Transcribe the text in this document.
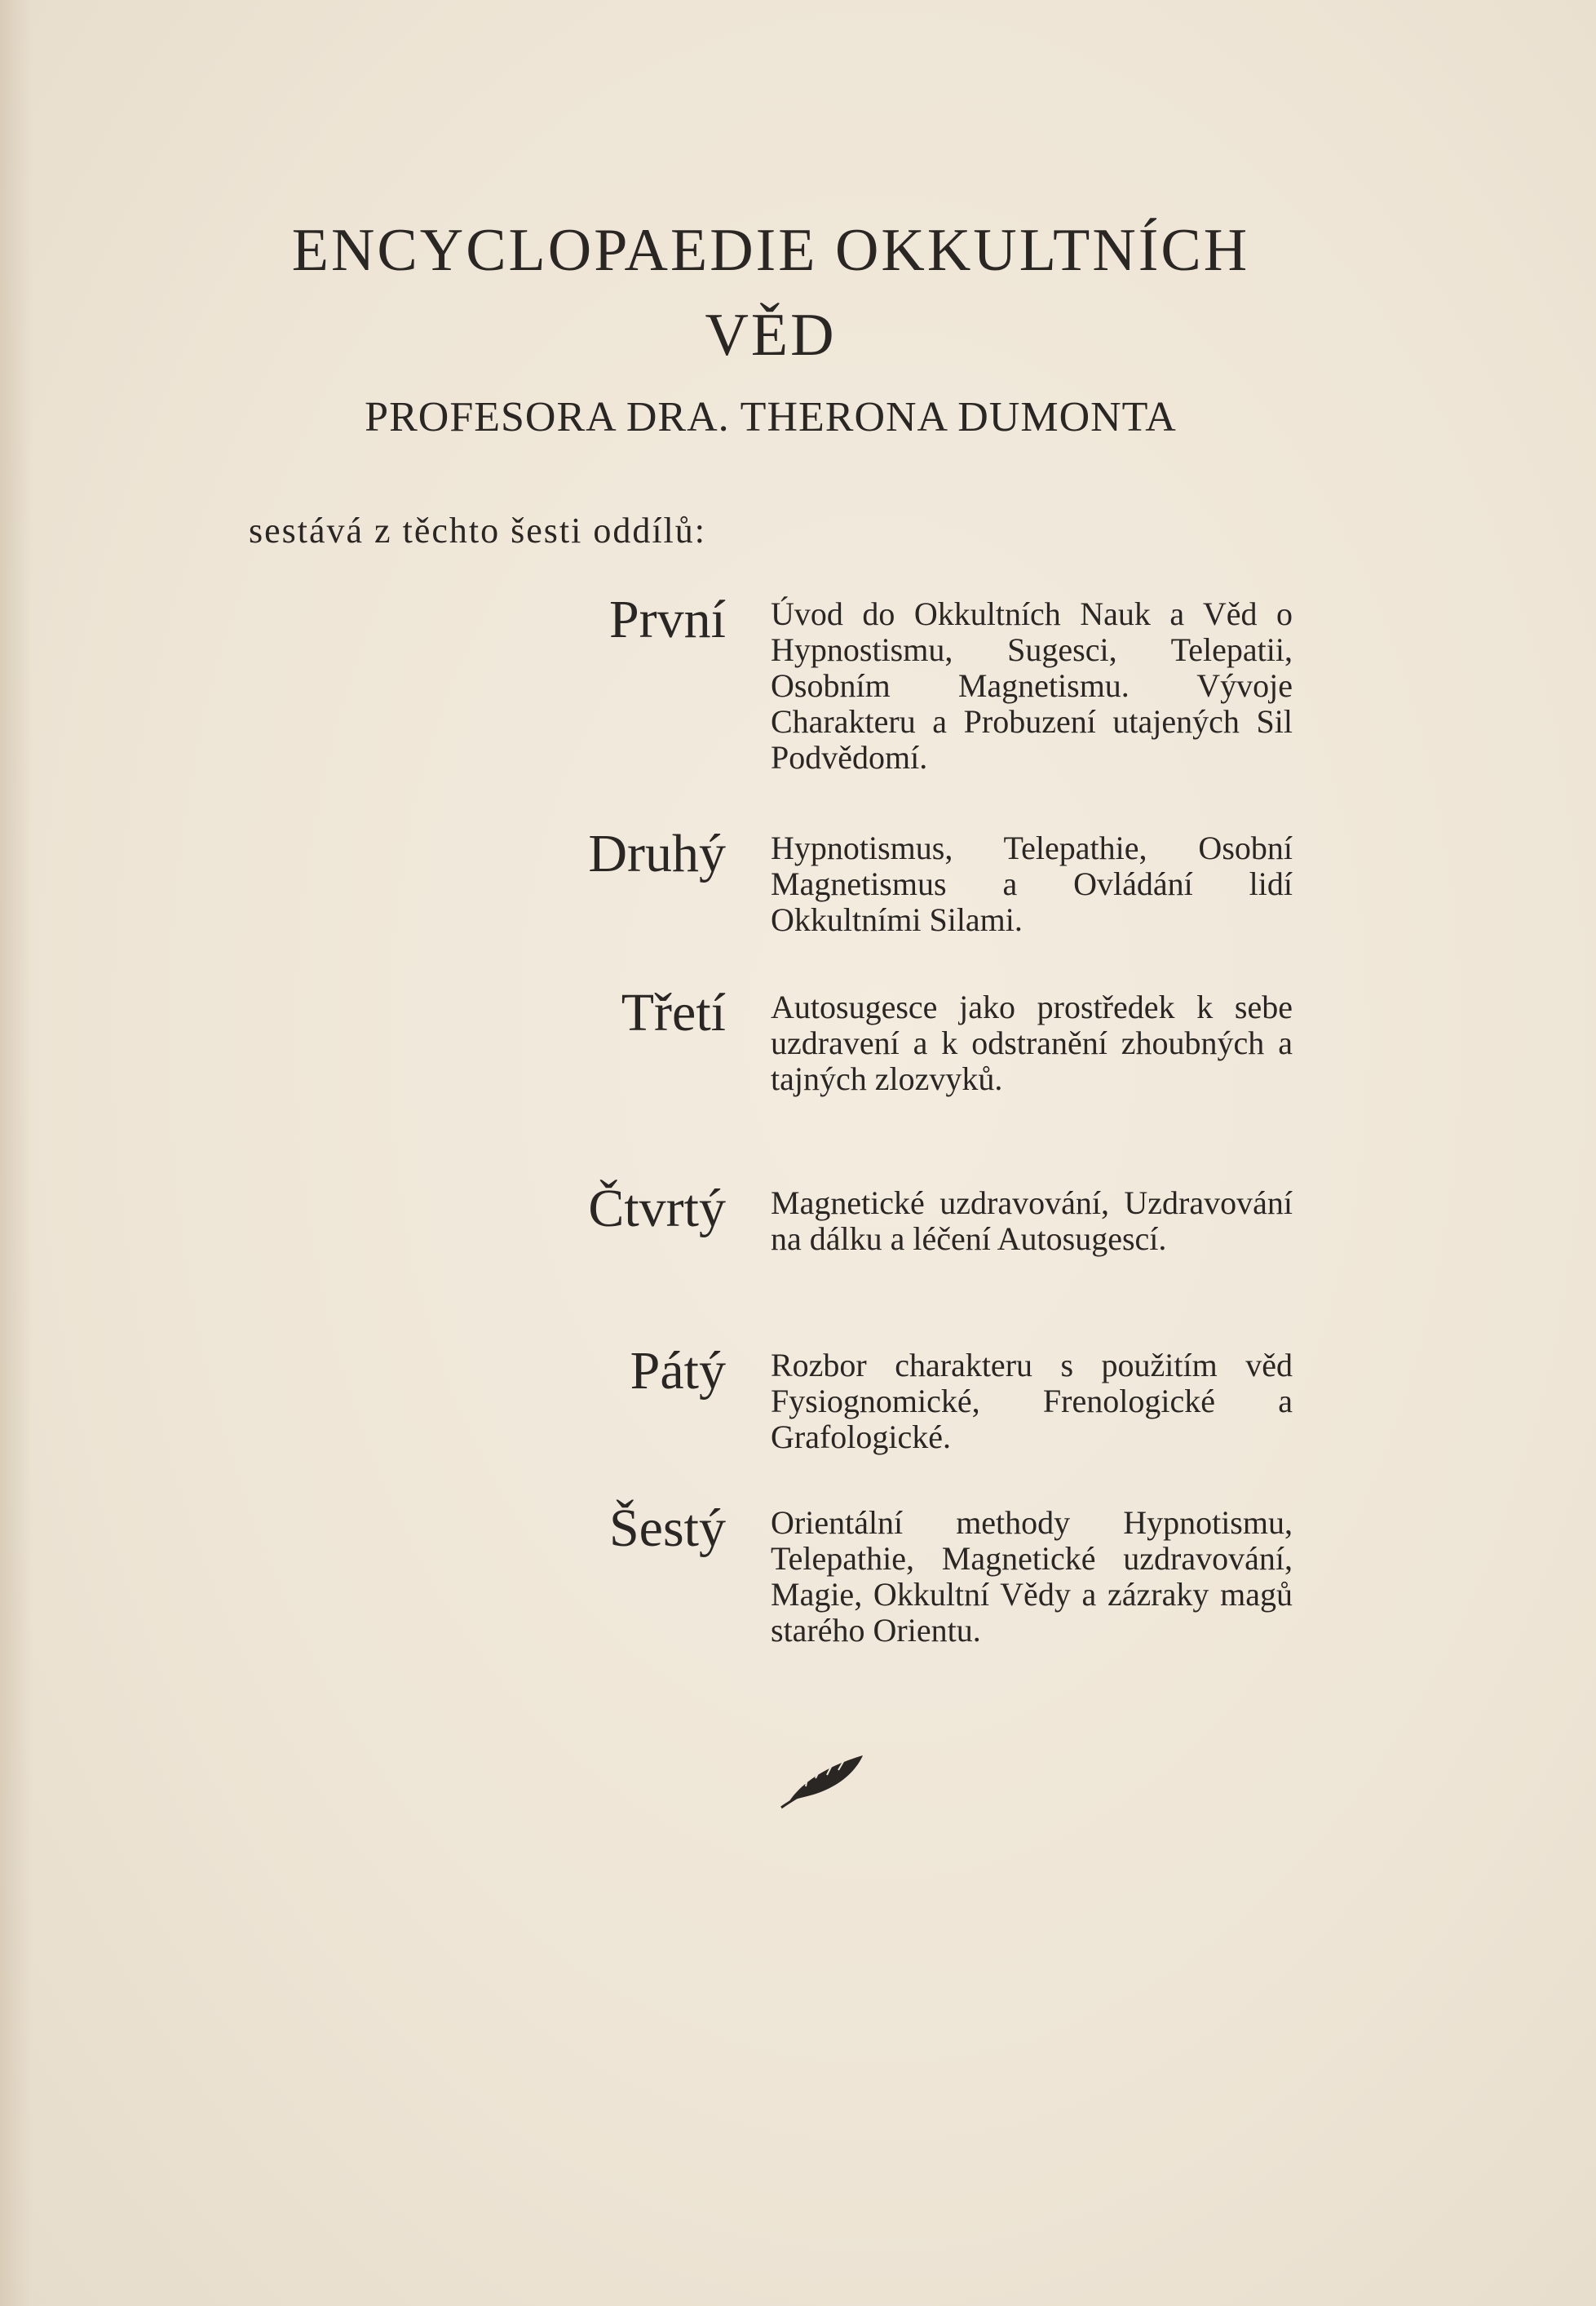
ENCYCLOPAEDIE OKKULTNÍCH
VĚD

PROFESORA DRA. THERONA DUMONTA

sestává z těchto šesti oddílů:

První Úvod do Okkultních Nauk a Věd o Hypnostismu, Sugesci, Telepatii, Osobním Magnetismu. Vývoje Charakteru a Probuzení utajených Sil Podvědomí.

Druhý Hypnotismus, Telepathie, Osobní Magnetismus a Ovládání lidí Okkultními Silami.

Třetí Autosugesce jako prostředek k sebe uzdravení a k odstranění zhoubných a tajných zlozvyků.

Čtvrtý Magnetické uzdravování, Uzdravování na dálku a léčení Autosugescí.

Pátý Rozbor charakteru s použitím věd Fysiognomické, Frenologické a Grafologické.

Šestý Orientální methody Hypnotismu, Telepathie, Magnetické uzdravování, Magie, Okkultní Vědy a zázraky magů starého Orientu.
